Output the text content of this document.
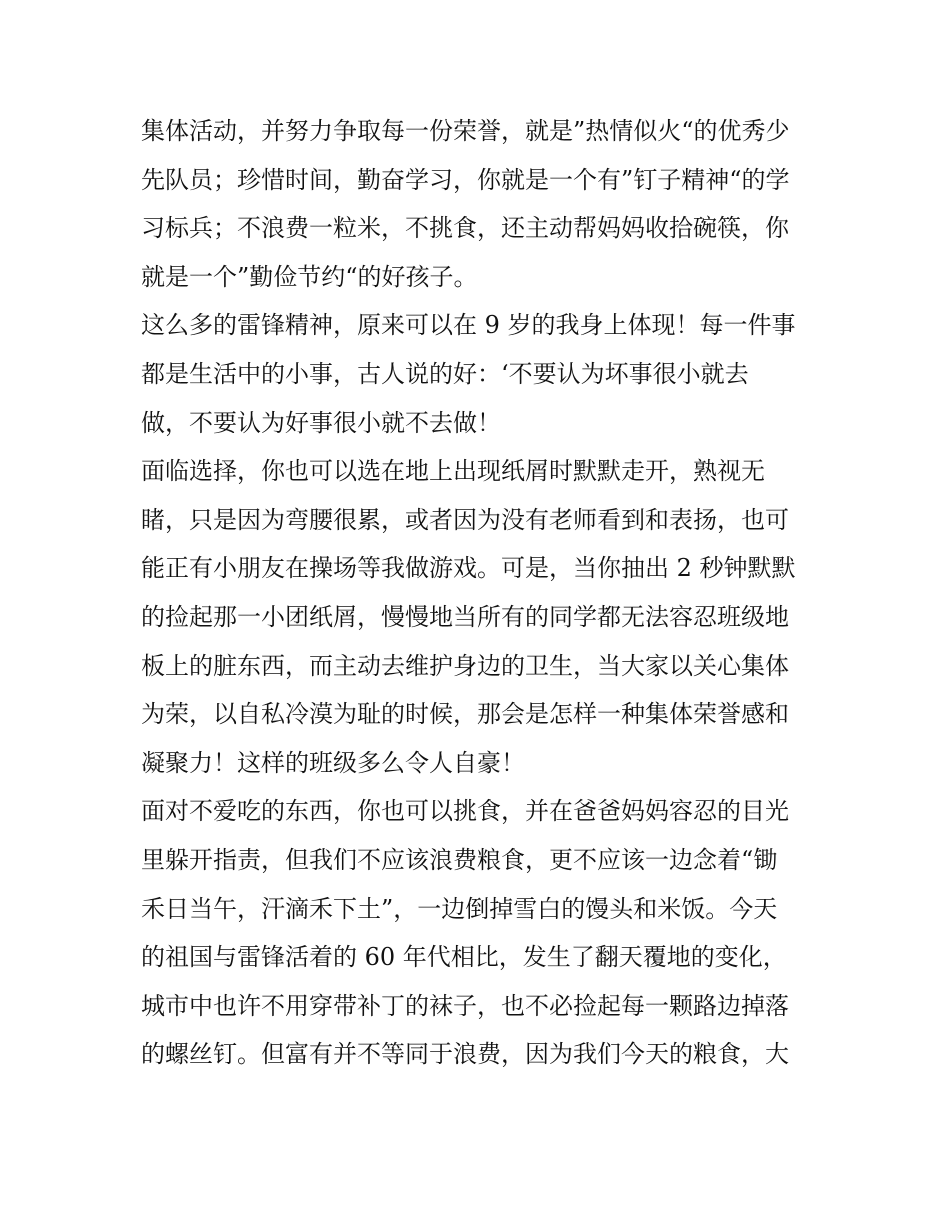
集体活动，并努力争取每一份荣誉，就是”热情似火“的优秀少
先队员；珍惜时间，勤奋学习，你就是一个有”钉子精神“的学
习标兵；不浪费一粒米，不挑食，还主动帮妈妈收拾碗筷，你
就是一个”勤俭节约“的好孩子。
这么多的雷锋精神，原来可以在 9 岁的我身上体现！每一件事
都是生活中的小事，古人说的好：‘不要认为坏事很小就去
做，不要认为好事很小就不去做！
面临选择，你也可以选在地上出现纸屑时默默走开，熟视无
睹，只是因为弯腰很累，或者因为没有老师看到和表扬，也可
能正有小朋友在操场等我做游戏。可是，当你抽出 2 秒钟默默
的捡起那一小团纸屑，慢慢地当所有的同学都无法容忍班级地
板上的脏东西，而主动去维护身边的卫生，当大家以关心集体
为荣，以自私冷漠为耻的时候，那会是怎样一种集体荣誉感和
凝聚力！这样的班级多么令人自豪！
面对不爱吃的东西，你也可以挑食，并在爸爸妈妈容忍的目光
里躲开指责，但我们不应该浪费粮食，更不应该一边念着“锄
禾日当午，汗滴禾下土”，一边倒掉雪白的馒头和米饭。今天
的祖国与雷锋活着的 60 年代相比，发生了翻天覆地的变化，
城市中也许不用穿带补丁的袜子，也不必捡起每一颗路边掉落
的螺丝钉。但富有并不等同于浪费，因为我们今天的粮食，大
